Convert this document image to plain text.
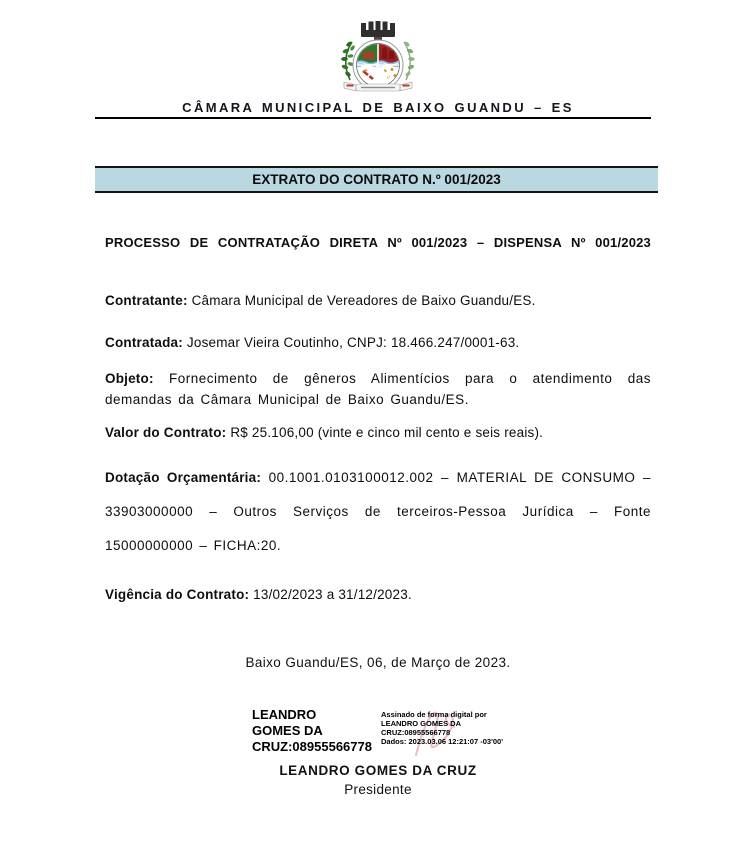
CÂMARA MUNICIPAL DE BAIXO GUANDU – ES
EXTRATO DO CONTRATO N.º 001/2023
PROCESSO DE CONTRATAÇÃO DIRETA Nº 001/2023 – DISPENSA Nº 001/2023

Contratante: Câmara Municipal de Vereadores de Baixo Guandu/ES.

Contratada: Josemar Vieira Coutinho, CNPJ: 18.466.247/0001-63.

Objeto: Fornecimento de gêneros Alimentícios para o atendimento das demandas da Câmara Municipal de Baixo Guandu/ES.

Valor do Contrato: R$ 25.106,00 (vinte e cinco mil cento e seis reais).

Dotação Orçamentária: 00.1001.0103100012.002 – MATERIAL DE CONSUMO – 33903000000 – Outros Serviços de terceiros-Pessoa Jurídica – Fonte 15000000000 – FICHA:20.

Vigência do Contrato: 13/02/2023 a 31/12/2023.

Baixo Guandu/ES, 06, de Março de 2023.
LEANDRO GOMES DA CRUZ:08955566778
Assinado de forma digital por LEANDRO GOMES DA CRUZ:08955566778
Dados: 2023.03.06 12:21:07 -03'00'
LEANDRO GOMES DA CRUZ
Presidente
